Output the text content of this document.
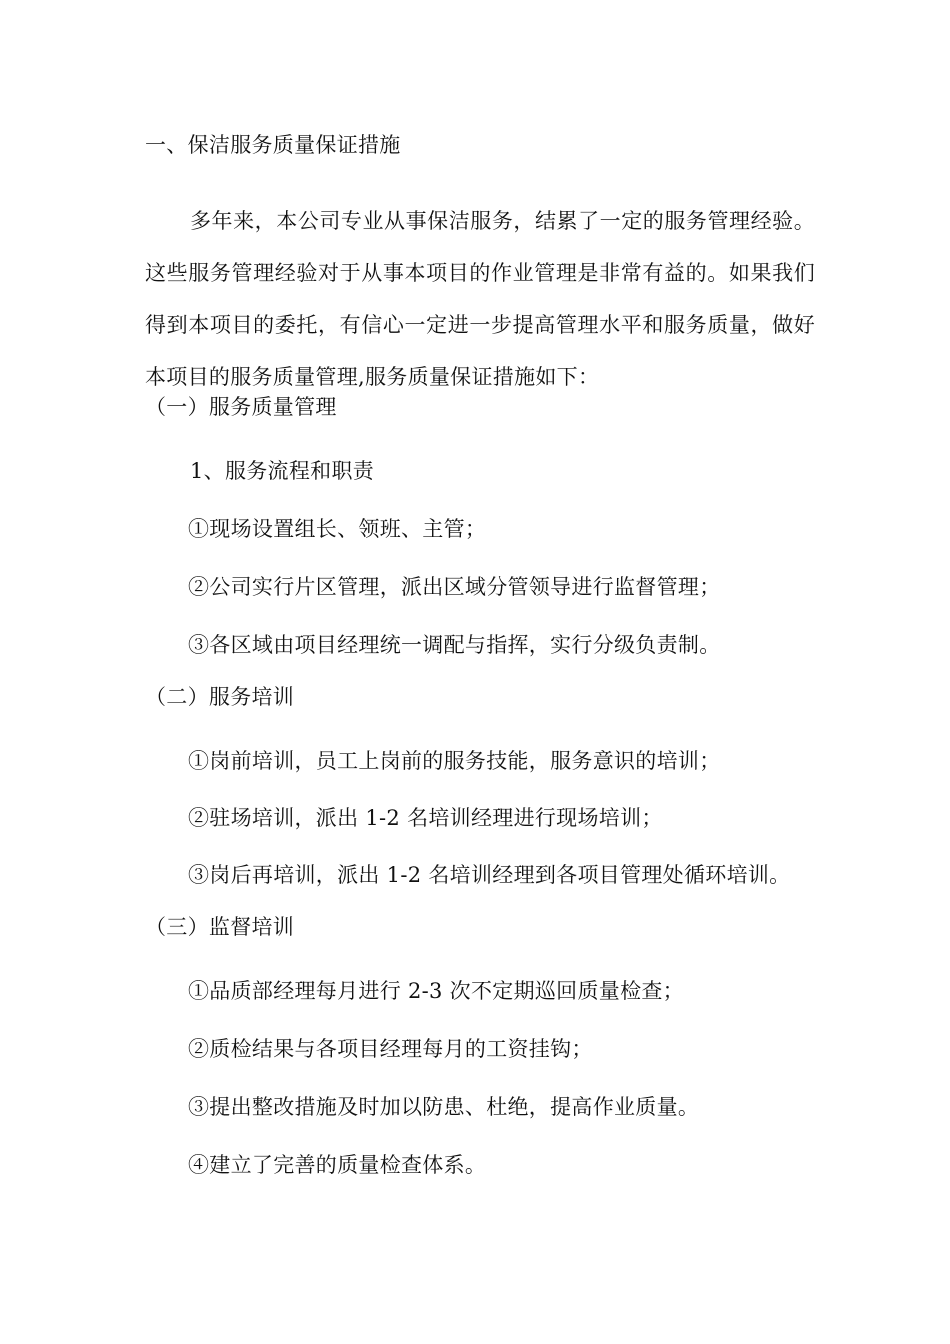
一、保洁服务质量保证措施
多年来，本公司专业从事保洁服务，结累了一定的服务管理经验。这些服务管理经验对于从事本项目的作业管理是非常有益的。如果我们得到本项目的委托，有信心一定进一步提高管理水平和服务质量，做好本项目的服务质量管理,服务质量保证措施如下：
（一）服务质量管理
1、服务流程和职责
①现场设置组长、领班、主管；
②公司实行片区管理，派出区域分管领导进行监督管理；
③各区域由项目经理统一调配与指挥，实行分级负责制。
（二）服务培训
①岗前培训，员工上岗前的服务技能，服务意识的培训；
②驻场培训，派出 1-2 名培训经理进行现场培训；
③岗后再培训，派出 1-2 名培训经理到各项目管理处循环培训。
（三）监督培训
①品质部经理每月进行 2-3 次不定期巡回质量检查；
②质检结果与各项目经理每月的工资挂钩；
③提出整改措施及时加以防患、杜绝，提高作业质量。
④建立了完善的质量检查体系。
